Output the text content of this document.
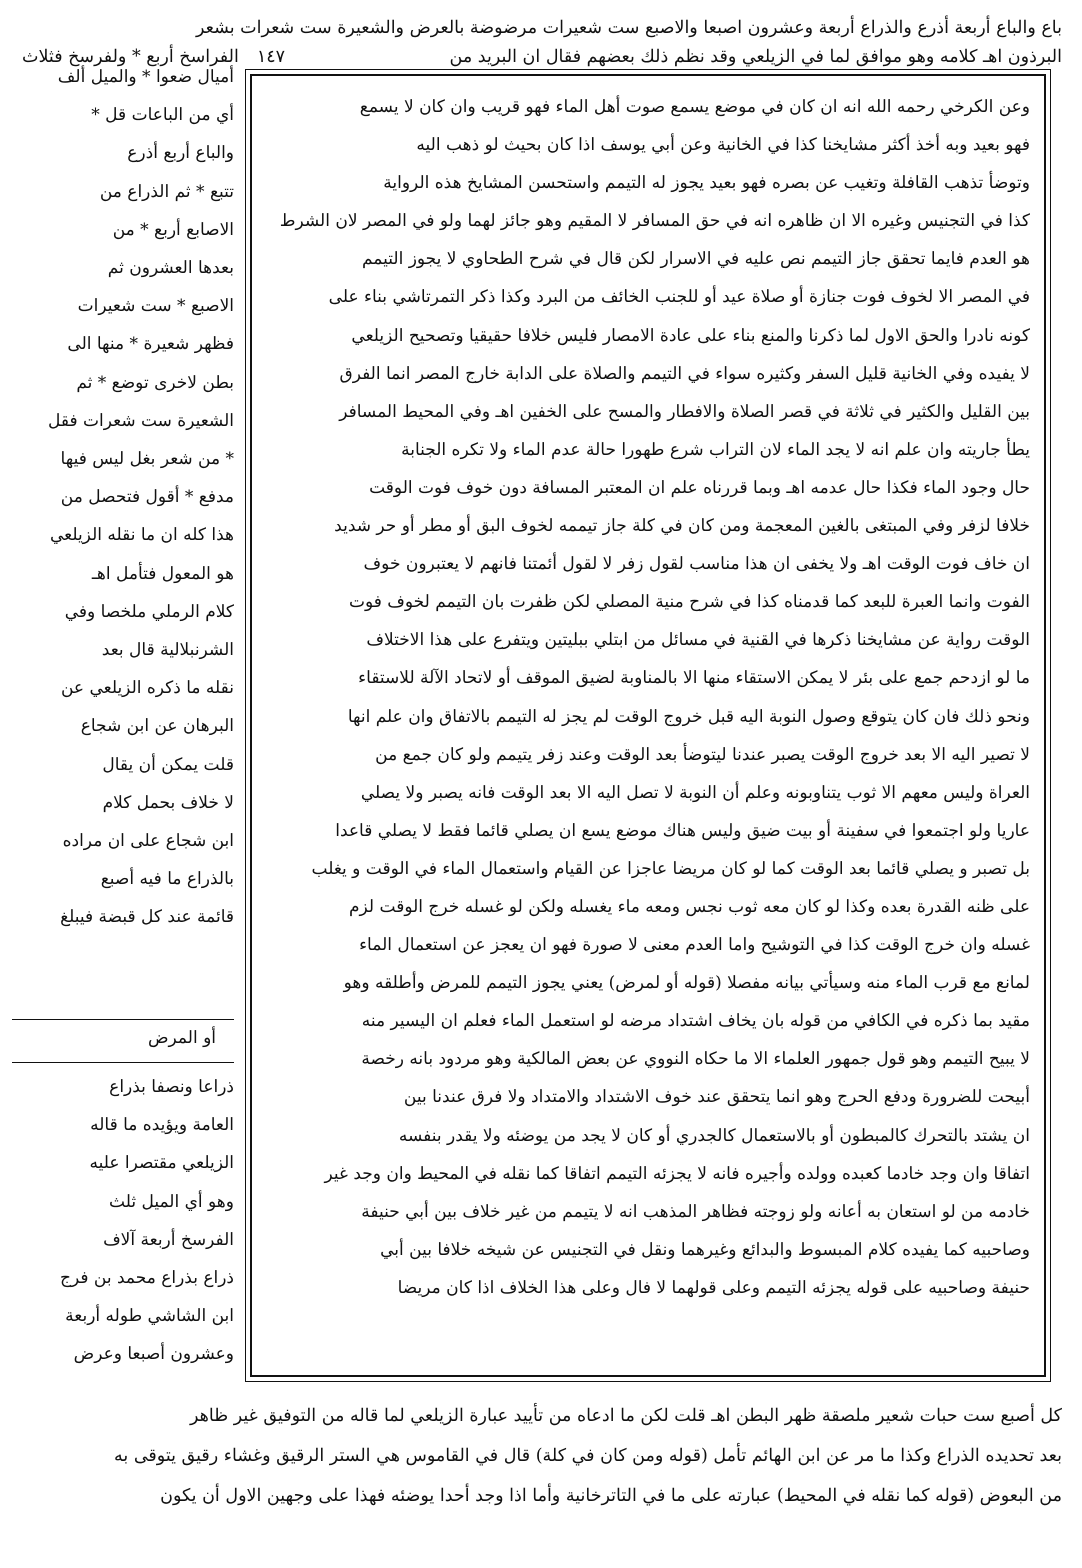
باع والباع أربعة أذرع والذراع أربعة وعشرون اصبعا والاصبع ست شعيرات مرضوضة بالعرض والشعيرة ست شعرات بشعر
البرذون اهـ كلامه وهو موافق لما في الزيلعي وقد نظم ذلك بعضهم فقال ان البريد من
١٤٧
الفراسخ أربع * ولفرسخ فثلاث
وعن الكرخي رحمه الله انه ان كان في موضع يسمع صوت أهل الماء فهو قريب وان كان لا يسمع
فهو بعيد وبه أخذ أكثر مشايخنا كذا في الخانية وعن أبي يوسف اذا كان بحيث لو ذهب اليه
وتوضأ تذهب القافلة وتغيب عن بصره فهو بعيد يجوز له التيمم واستحسن المشايخ هذه الرواية
كذا في التجنيس وغيره الا ان ظاهره انه في حق المسافر لا المقيم وهو جائز لهما ولو في المصر لان الشرط
هو العدم فايما تحقق جاز التيمم نص عليه في الاسرار لكن قال في شرح الطحاوي لا يجوز التيمم
في المصر الا لخوف فوت جنازة أو صلاة عيد أو للجنب الخائف من البرد وكذا ذكر التمرتاشي بناء على
كونه نادرا والحق الاول لما ذكرنا والمنع بناء على عادة الامصار فليس خلافا حقيقيا وتصحيح الزيلعي
لا يفيده وفي الخانية قليل السفر وكثيره سواء في التيمم والصلاة على الدابة خارج المصر انما الفرق
بين القليل والكثير في ثلاثة في قصر الصلاة والافطار والمسح على الخفين اهـ وفي المحيط المسافر
يطأ جاريته وان علم انه لا يجد الماء لان التراب شرع طهورا حالة عدم الماء ولا تكره الجنابة
حال وجود الماء فكذا حال عدمه اهـ وبما قررناه علم ان المعتبر المسافة دون خوف فوت الوقت
خلافا لزفر وفي المبتغى بالغين المعجمة ومن كان في كلة جاز تيممه لخوف البق أو مطر أو حر شديد
ان خاف فوت الوقت اهـ ولا يخفى ان هذا مناسب لقول زفر لا لقول أئمتنا فانهم لا يعتبرون خوف
الفوت وانما العبرة للبعد كما قدمناه كذا في شرح منية المصلي لكن ظفرت بان التيمم لخوف فوت
الوقت رواية عن مشايخنا ذكرها في القنية في مسائل من ابتلي ببليتين ويتفرع على هذا الاختلاف
ما لو ازدحم جمع على بئر لا يمكن الاستقاء منها الا بالمناوبة لضيق الموقف أو لاتحاد الآلة للاستقاء
ونحو ذلك فان كان يتوقع وصول النوبة اليه قبل خروج الوقت لم يجز له التيمم بالاتفاق وان علم انها
لا تصير اليه الا بعد خروج الوقت يصبر عندنا ليتوضأ بعد الوقت وعند زفر يتيمم ولو كان جمع من
العراة وليس معهم الا ثوب يتناوبونه وعلم أن النوبة لا تصل اليه الا بعد الوقت فانه يصبر ولا يصلي
عاريا ولو اجتمعوا في سفينة أو بيت ضيق وليس هناك موضع يسع ان يصلي قائما فقط لا يصلي قاعدا
بل تصبر و يصلي قائما بعد الوقت كما لو كان مريضا عاجزا عن القيام واستعمال الماء في الوقت و يغلب
على ظنه القدرة بعده وكذا لو كان معه ثوب نجس ومعه ماء يغسله ولكن لو غسله خرج الوقت لزم
غسله وان خرج الوقت كذا في التوشيح واما العدم معنى لا صورة فهو ان يعجز عن استعمال الماء
لمانع مع قرب الماء منه وسيأتي بيانه مفصلا (قوله أو لمرض) يعني يجوز التيمم للمرض وأطلقه وهو
مقيد بما ذكره في الكافي من قوله بان يخاف اشتداد مرضه لو استعمل الماء فعلم ان اليسير منه
لا يبيح التيمم وهو قول جمهور العلماء الا ما حكاه النووي عن بعض المالكية وهو مردود بانه رخصة
أبيحت للضرورة ودفع الحرج وهو انما يتحقق عند خوف الاشتداد والامتداد ولا فرق عندنا بين
ان يشتد بالتحرك كالمبطون أو بالاستعمال كالجدري أو كان لا يجد من يوضئه ولا يقدر بنفسه
اتفاقا وان وجد خادما كعبده وولده وأجيره فانه لا يجزئه التيمم اتفاقا كما نقله في المحيط وان وجد غير
خادمه من لو استعان به أعانه ولو زوجته فظاهر المذهب انه لا يتيمم من غير خلاف بين أبي حنيفة
وصاحبيه كما يفيده كلام المبسوط والبدائع وغيرهما ونقل في التجنيس عن شيخه خلافا بين أبي
حنيفة وصاحبيه على قوله يجزئه التيمم وعلى قولهما لا فال وعلى هذا الخلاف اذا كان مريضا
أميال ضعوا * والميل ألف
أي من الباعات قل *
والباع أربع أذرع
تتبع * ثم الذراع من
الاصابع أربع * من
بعدها العشرون ثم
الاصبع * ست شعيرات
فظهر شعيرة * منها الى
بطن لاخرى توضع * ثم
الشعيرة ست شعرات فقل
* من شعر بغل ليس فيها
مدفع * أقول فتحصل من
هذا كله ان ما نقله الزيلعي
هو المعول فتأمل اهـ
كلام الرملي ملخصا وفي
الشرنبلالية قال بعد
نقله ما ذكره الزيلعي عن
البرهان عن ابن شجاع
قلت يمكن أن يقال
لا خلاف بحمل كلام
ابن شجاع على ان مراده
بالذراع ما فيه أصبع
قائمة عند كل قبضة فيبلغ
أو المرض
ذراعا ونصفا بذراع
العامة ويؤيده ما قاله
الزيلعي مقتصرا عليه
وهو أي الميل ثلث
الفرسخ أربعة آلاف
ذراع بذراع محمد بن فرج
ابن الشاشي طوله أربعة
وعشرون أصبعا وعرض
كل أصبع ست حبات شعير ملصقة ظهر البطن اهـ قلت لكن ما ادعاه من تأييد عبارة الزيلعي لما قاله من التوفيق غير ظاهر
بعد تحديده الذراع وكذا ما مر عن ابن الهائم تأمل (قوله ومن كان في كلة) قال في القاموس هي الستر الرقيق وغشاء رقيق يتوقى به
من البعوض (قوله كما نقله في المحيط) عبارته على ما في التاترخانية وأما اذا وجد أحدا يوضئه فهذا على وجهين الاول أن يكون
